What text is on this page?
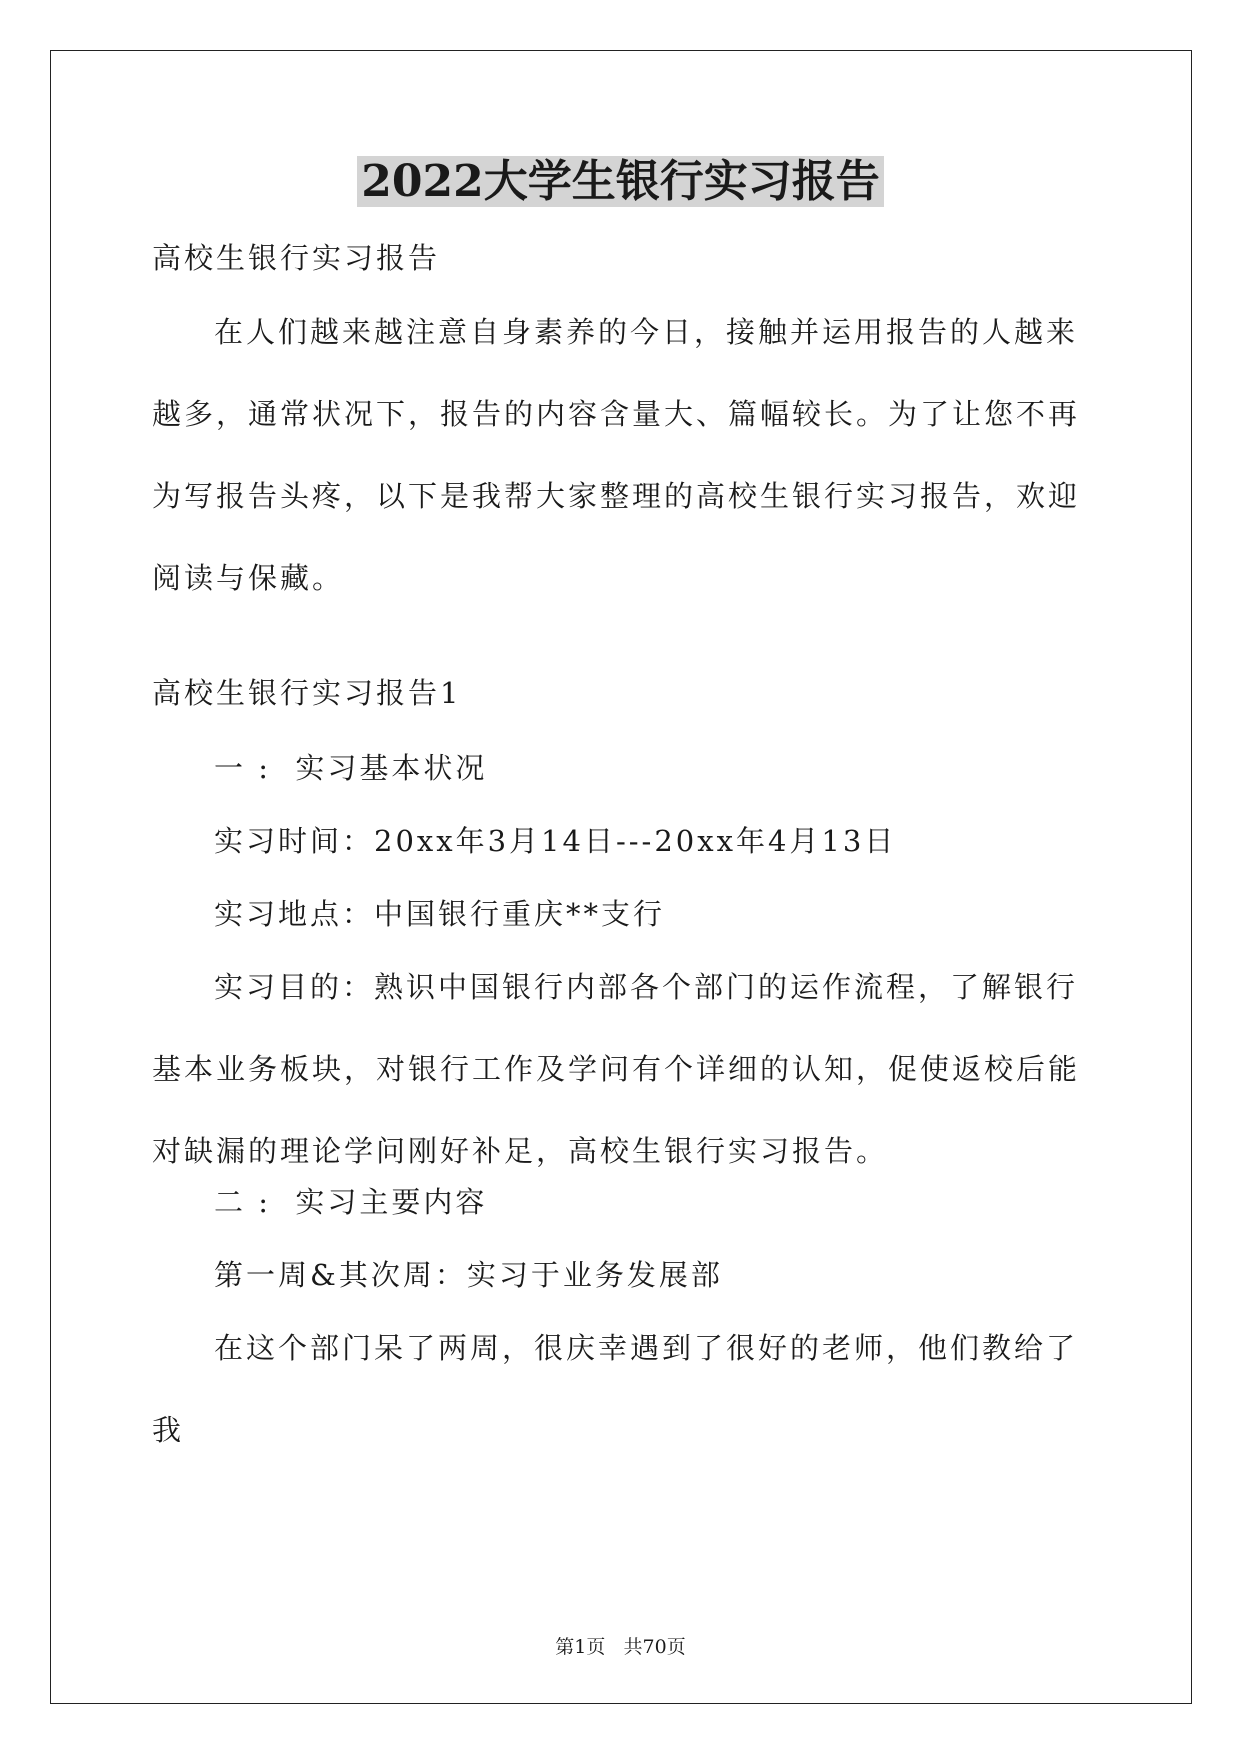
2022大学生银行实习报告

高校生银行实习报告

在人们越来越注意自身素养的今日，接触并运用报告的人越来越多，通常状况下，报告的内容含量大、篇幅较长。为了让您不再为写报告头疼，以下是我帮大家整理的高校生银行实习报告，欢迎阅读与保藏。

高校生银行实习报告1

一 :  实习基本状况

实习时间：20xx年3月14日---20xx年4月13日

实习地点：中国银行重庆**支行

实习目的：熟识中国银行内部各个部门的运作流程，了解银行基本业务板块，对银行工作及学问有个详细的认知，促使返校后能对缺漏的理论学问刚好补足，高校生银行实习报告。

二 :  实习主要内容

第一周&其次周：实习于业务发展部

在这个部门呆了两周，很庆幸遇到了很好的老师，他们教给了我

第1页 共70页
